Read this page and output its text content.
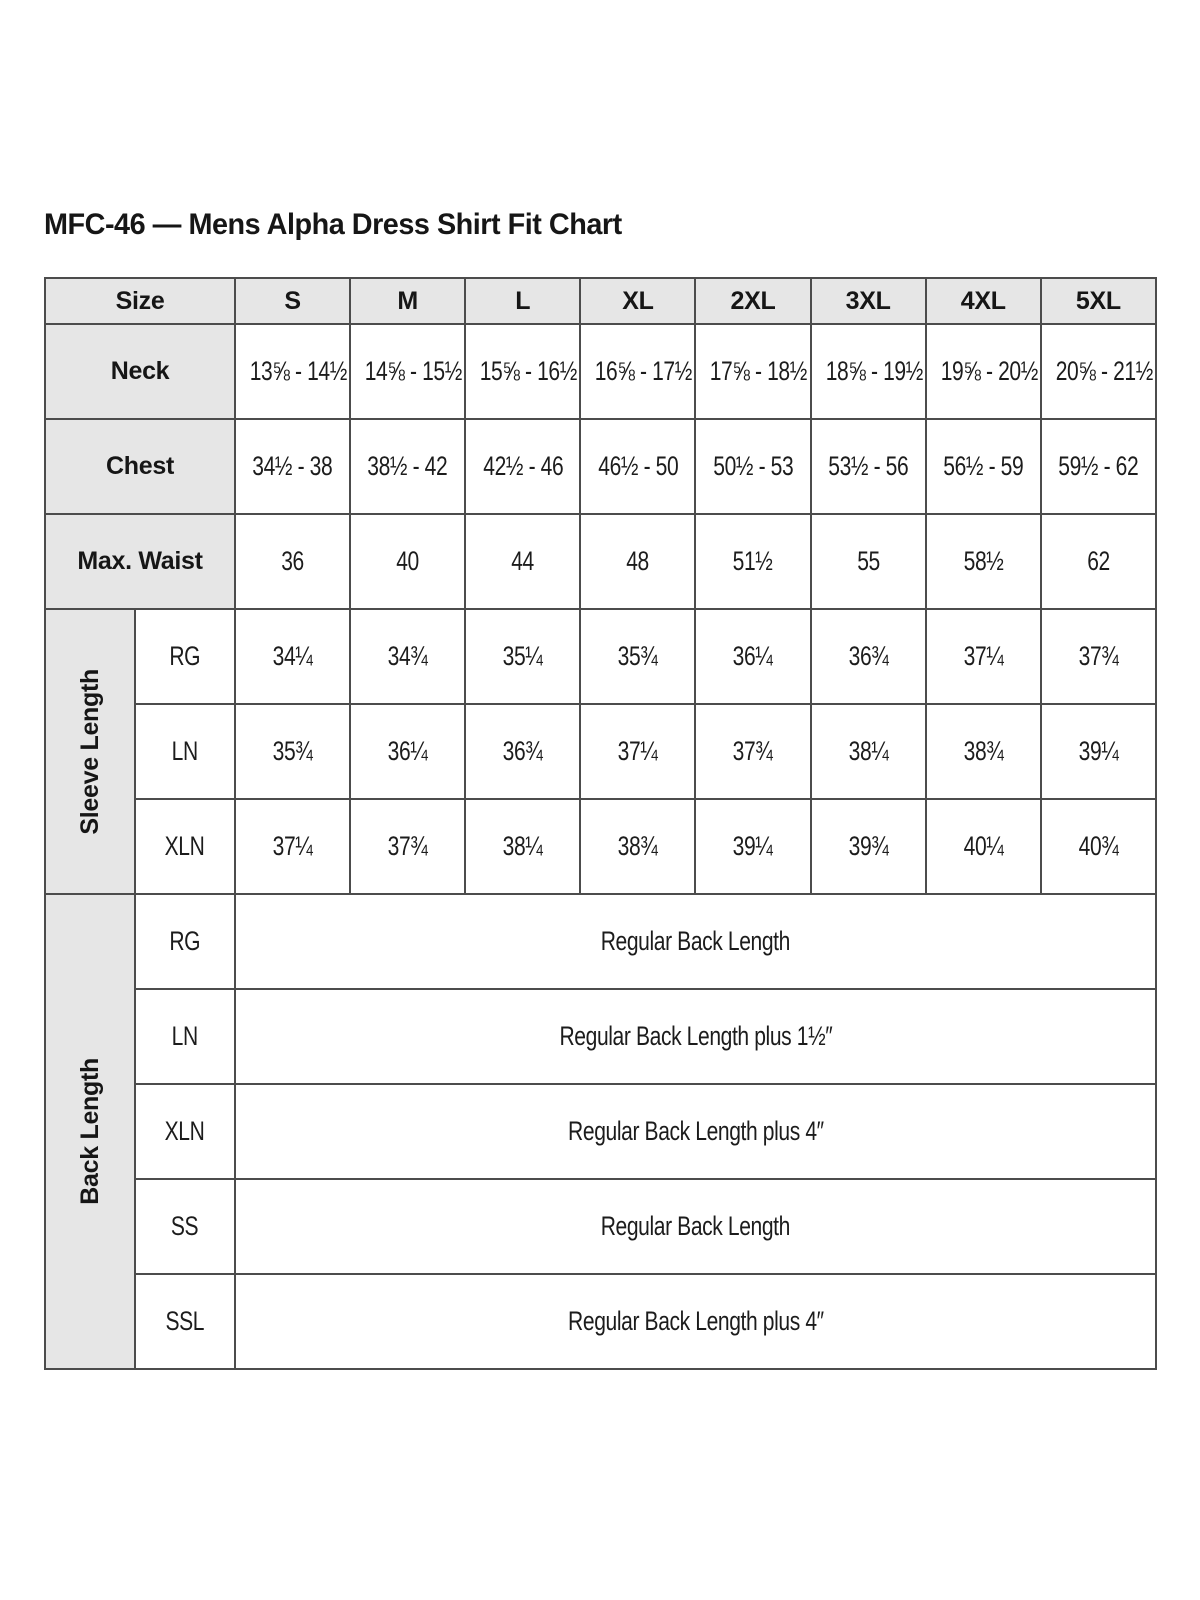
MFC-46 — Mens Alpha Dress Shirt Fit Chart
Size		S	M	L	XL	2XL	3XL	4XL	5XL
Neck		13⅝ - 14½	14⅝ - 15½	15⅝ - 16½	16⅝ - 17½	17⅝ - 18½	18⅝ - 19½	19⅝ - 20½	20⅝ - 21½
Chest		34½ - 38	38½ - 42	42½ - 46	46½ - 50	50½ - 53	53½ - 56	56½ - 59	59½ - 62
Max. Waist		36	40	44	48	51½	55	58½	62

Sleeve Length	RG	34¼	34¾	35¼	35¾	36¼	36¾	37¼	37¾
	LN	35¾	36¼	36¾	37¼	37¾	38¼	38¾	39¼
	XLN	37¼	37¾	38¼	38¾	39¼	39¾	40¼	40¾

Back Length	RG	Regular Back Length							
	LN	Regular Back Length plus 1½″							
	XLN	Regular Back Length plus 4″							
	SS	Regular Back Length							
	SSL	Regular Back Length plus 4″							
